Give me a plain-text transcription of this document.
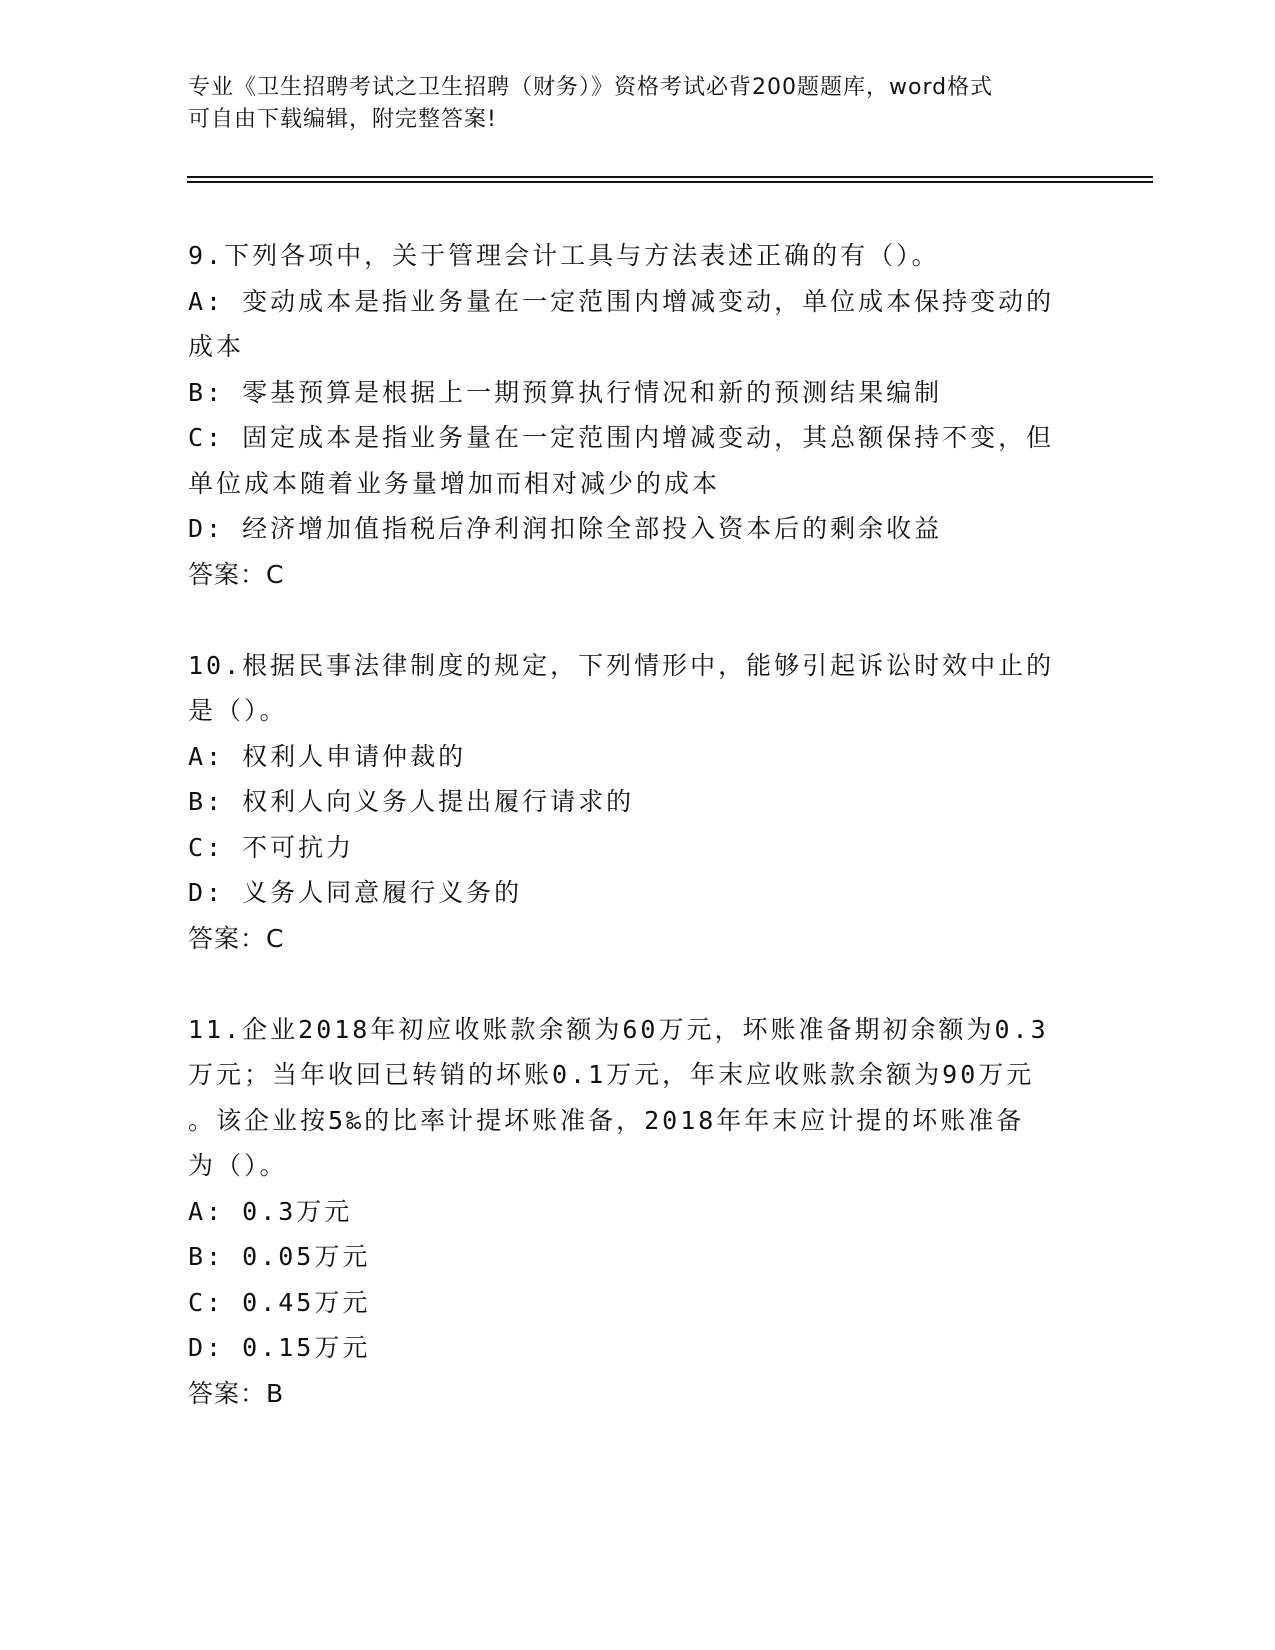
专业《卫生招聘考试之卫生招聘（财务）》资格考试必背200题题库，word格式
可自由下载编辑，附完整答案!
9.下列各项中，关于管理会计工具与方法表述正确的有（）。
A: 变动成本是指业务量在一定范围内增减变动，单位成本保持变动的
成本
B: 零基预算是根据上一期预算执行情况和新的预测结果编制
C: 固定成本是指业务量在一定范围内增减变动，其总额保持不变，但
单位成本随着业务量增加而相对减少的成本
D: 经济增加值指税后净利润扣除全部投入资本后的剩余收益
答案：C
10.根据民事法律制度的规定，下列情形中，能够引起诉讼时效中止的
是（）。
A: 权利人申请仲裁的
B: 权利人向义务人提出履行请求的
C: 不可抗力
D: 义务人同意履行义务的
答案：C
11.企业2018年初应收账款余额为60万元，坏账准备期初余额为0.3
万元；当年收回已转销的坏账0.1万元，年末应收账款余额为90万元
。该企业按5‰的比率计提坏账准备，2018年年末应计提的坏账准备
为（）。
A: 0.3万元
B: 0.05万元
C: 0.45万元
D: 0.15万元
答案：B
